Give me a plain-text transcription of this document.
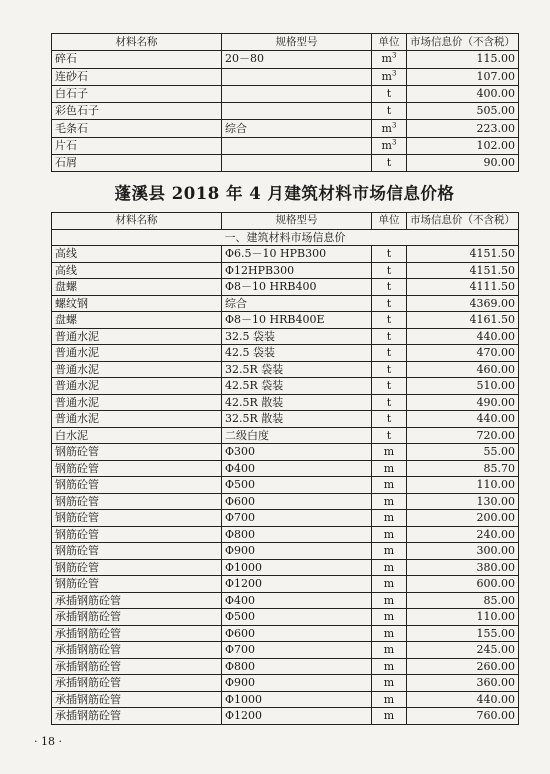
材料名称	规格型号	单位	市场信息价（不含税）
碎石	20－80	$m^3$	115.00
连砂石		$m^3$	107.00
白石子		t	400.00
彩色石子		t	505.00
毛条石	综合	$m^3$	223.00
片石		$m^3$	102.00
石屑		t	90.00
蓬溪县 2018 年 4 月建筑材料市场信息价格
材料名称	规格型号	单位	市场信息价（不含税）
一、建筑材料市场信息价			
高线	Φ6.5－10 HPB300	t	4151.50
高线	Φ12HPB300	t	4151.50
盘螺	Φ8－10 HRB400	t	4111.50
螺纹钢	综合	t	4369.00
盘螺	Φ8－10 HRB400E	t	4161.50
普通水泥	32.5 袋装	t	440.00
普通水泥	42.5 袋装	t	470.00
普通水泥	32.5R 袋装	t	460.00
普通水泥	42.5R 袋装	t	510.00
普通水泥	42.5R 散装	t	490.00
普通水泥	32.5R 散装	t	440.00
白水泥	二级白度	t	720.00
钢筋砼管	Φ300	m	55.00
钢筋砼管	Φ400	m	85.70
钢筋砼管	Φ500	m	110.00
钢筋砼管	Φ600	m	130.00
钢筋砼管	Φ700	m	200.00
钢筋砼管	Φ800	m	240.00
钢筋砼管	Φ900	m	300.00
钢筋砼管	Φ1000	m	380.00
钢筋砼管	Φ1200	m	600.00
承插钢筋砼管	Φ400	m	85.00
承插钢筋砼管	Φ500	m	110.00
承插钢筋砼管	Φ600	m	155.00
承插钢筋砼管	Φ700	m	245.00
承插钢筋砼管	Φ800	m	260.00
承插钢筋砼管	Φ900	m	360.00
承插钢筋砼管	Φ1000	m	440.00
承插钢筋砼管	Φ1200	m	760.00
· 18 ·
